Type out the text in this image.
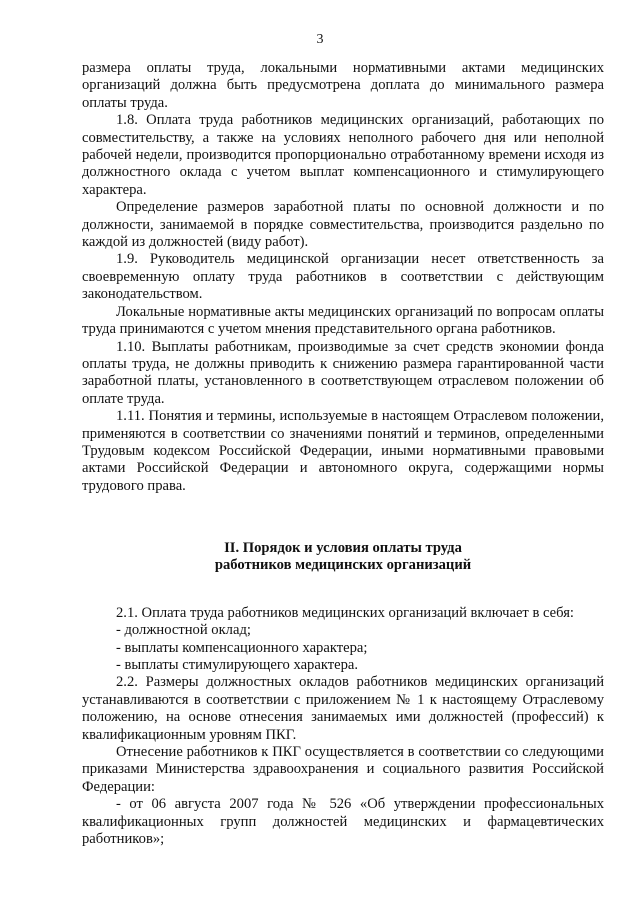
3

размера оплаты труда, локальными нормативными актами медицинских организаций должна быть предусмотрена доплата до минимального размера оплаты труда.

1.8. Оплата труда работников медицинских организаций, работающих по совместительству, а также на условиях неполного рабочего дня или неполной рабочей недели, производится пропорционально отработанному времени исходя из должностного оклада с учетом выплат компенсационного и стимулирующего характера.

Определение размеров заработной платы по основной должности и по должности, занимаемой в порядке совместительства, производится раздельно по каждой из должностей (виду работ).

1.9. Руководитель медицинской организации несет ответственность за своевременную оплату труда работников в соответствии с действующим законодательством.

Локальные нормативные акты медицинских организаций по вопросам оплаты труда принимаются с учетом мнения представительного органа работников.

1.10. Выплаты работникам, производимые за счет средств экономии фонда оплаты труда, не должны приводить к снижению размера гарантированной части заработной платы, установленного в соответствующем отраслевом положении об оплате труда.

1.11. Понятия и термины, используемые в настоящем Отраслевом положении, применяются в соответствии со значениями понятий и терминов, определенными Трудовым кодексом Российской Федерации, иными нормативными правовыми актами Российской Федерации и автономного округа, содержащими нормы трудового права.

II. Порядок и условия оплаты труда
работников медицинских организаций

2.1. Оплата труда работников медицинских организаций включает в себя:

- должностной оклад;
- выплаты компенсационного характера;
- выплаты стимулирующего характера.

2.2. Размеры должностных окладов работников медицинских организаций устанавливаются в соответствии с приложением № 1 к настоящему Отраслевому положению, на основе отнесения занимаемых ими должностей (профессий) к квалификационным уровням ПКГ.

Отнесение работников к ПКГ осуществляется в соответствии со следующими приказами Министерства здравоохранения и социального развития Российской Федерации:

- от 06 августа 2007 года № 526 «Об утверждении профессиональных квалификационных групп должностей медицинских и фармацевтических работников»;
